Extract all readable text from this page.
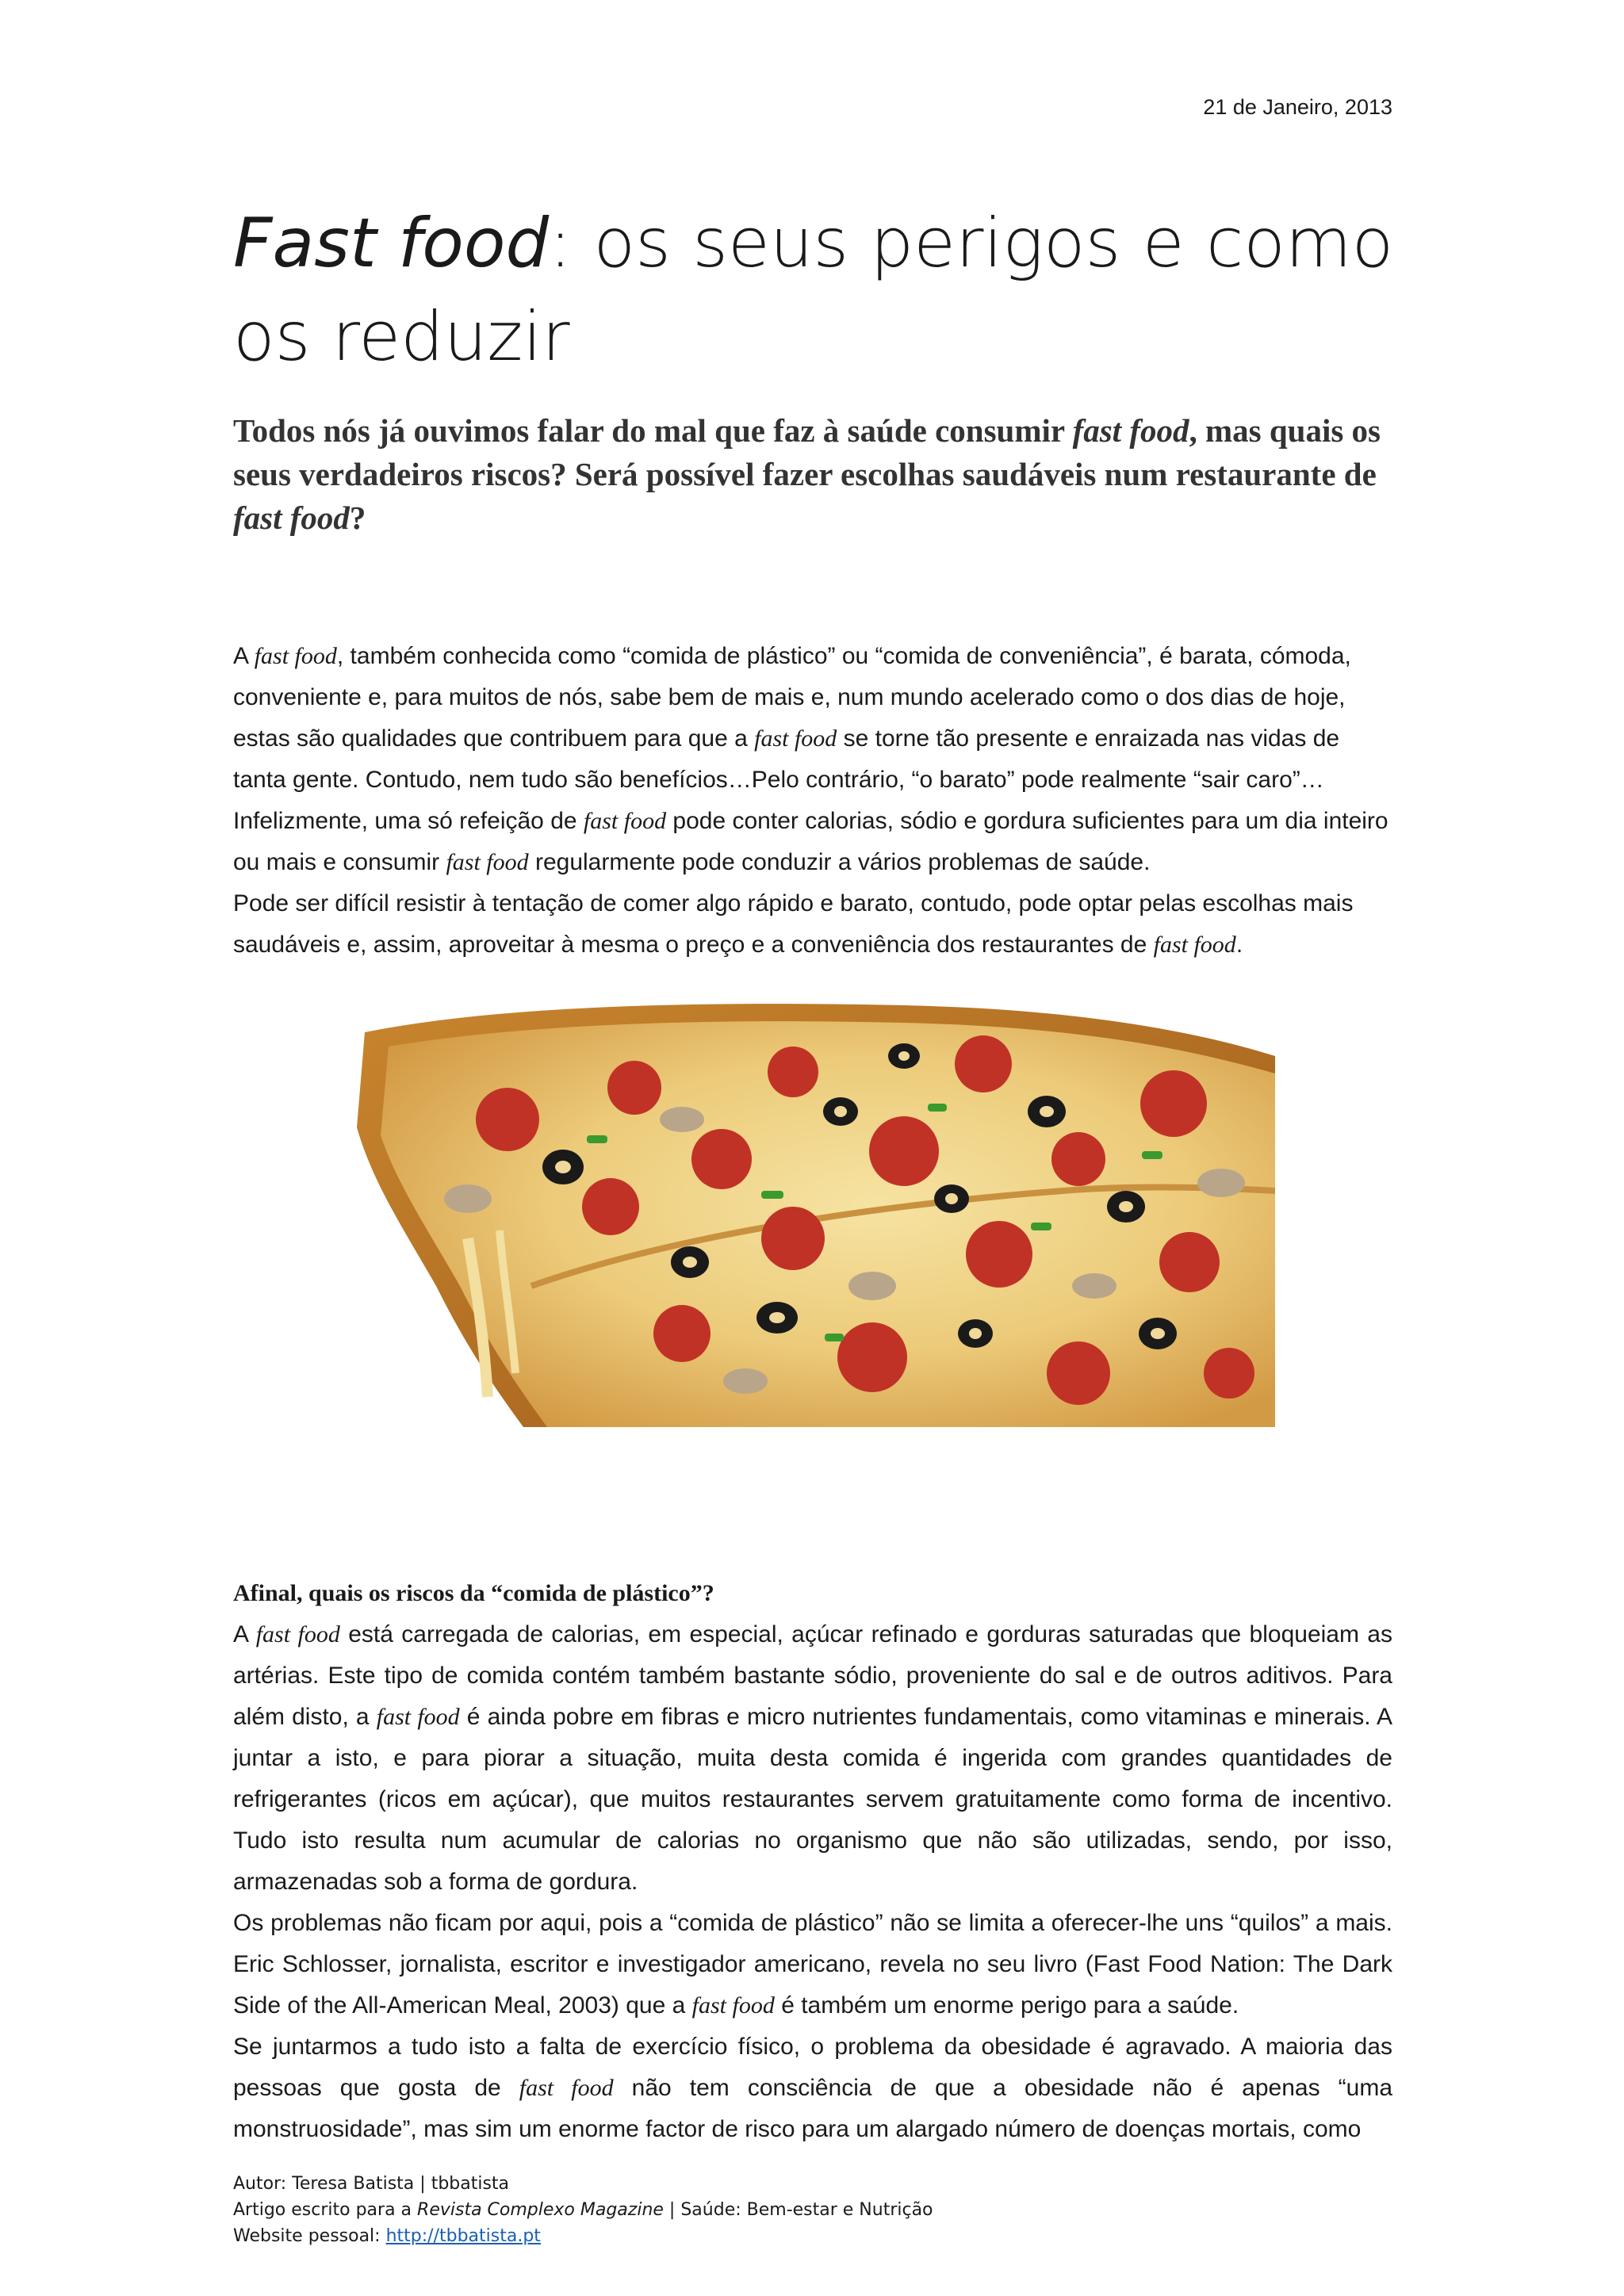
21 de Janeiro, 2013
Fast food: os seus perigos e como os reduzir
Todos nós já ouvimos falar do mal que faz à saúde consumir fast food, mas quais os seus verdadeiros riscos? Será possível fazer escolhas saudáveis num restaurante de fast food?

A fast food, também conhecida como “comida de plástico” ou “comida de conveniência”, é barata, cómoda, conveniente e, para muitos de nós, sabe bem de mais e, num mundo acelerado como o dos dias de hoje, estas são qualidades que contribuem para que a fast food se torne tão presente e enraizada nas vidas de tanta gente. Contudo, nem tudo são benefícios…Pelo contrário, “o barato” pode realmente “sair caro”… Infelizmente, uma só refeição de fast food pode conter calorias, sódio e gordura suficientes para um dia inteiro ou mais e consumir fast food regularmente pode conduzir a vários problemas de saúde.

Pode ser difícil resistir à tentação de comer algo rápido e barato, contudo, pode optar pelas escolhas mais saudáveis e, assim, aproveitar à mesma o preço e a conveniência dos restaurantes de fast food.

Afinal, quais os riscos da “comida de plástico”?

A fast food está carregada de calorias, em especial, açúcar refinado e gorduras saturadas que bloqueiam as artérias. Este tipo de comida contém também bastante sódio, proveniente do sal e de outros aditivos. Para além disto, a fast food é ainda pobre em fibras e micro nutrientes fundamentais, como vitaminas e minerais. A juntar a isto, e para piorar a situação, muita desta comida é ingerida com grandes quantidades de refrigerantes (ricos em açúcar), que muitos restaurantes servem gratuitamente como forma de incentivo. Tudo isto resulta num acumular de calorias no organismo que não são utilizadas, sendo, por isso, armazenadas sob a forma de gordura.

Os problemas não ficam por aqui, pois a “comida de plástico” não se limita a oferecer-lhe uns “quilos” a mais. Eric Schlosser, jornalista, escritor e investigador americano, revela no seu livro (Fast Food Nation: The Dark Side of the All-American Meal, 2003) que a fast food é também um enorme perigo para a saúde.

Se juntarmos a tudo isto a falta de exercício físico, o problema da obesidade é agravado. A maioria das pessoas que gosta de fast food não tem consciência de que a obesidade não é apenas “uma monstruosidade”, mas sim um enorme factor de risco para um alargado número de doenças mortais, como

Autor: Teresa Batista | tbbatista
Artigo escrito para a Revista Complexo Magazine | Saúde: Bem-estar e Nutrição
Website pessoal: http://tbbatista.pt
